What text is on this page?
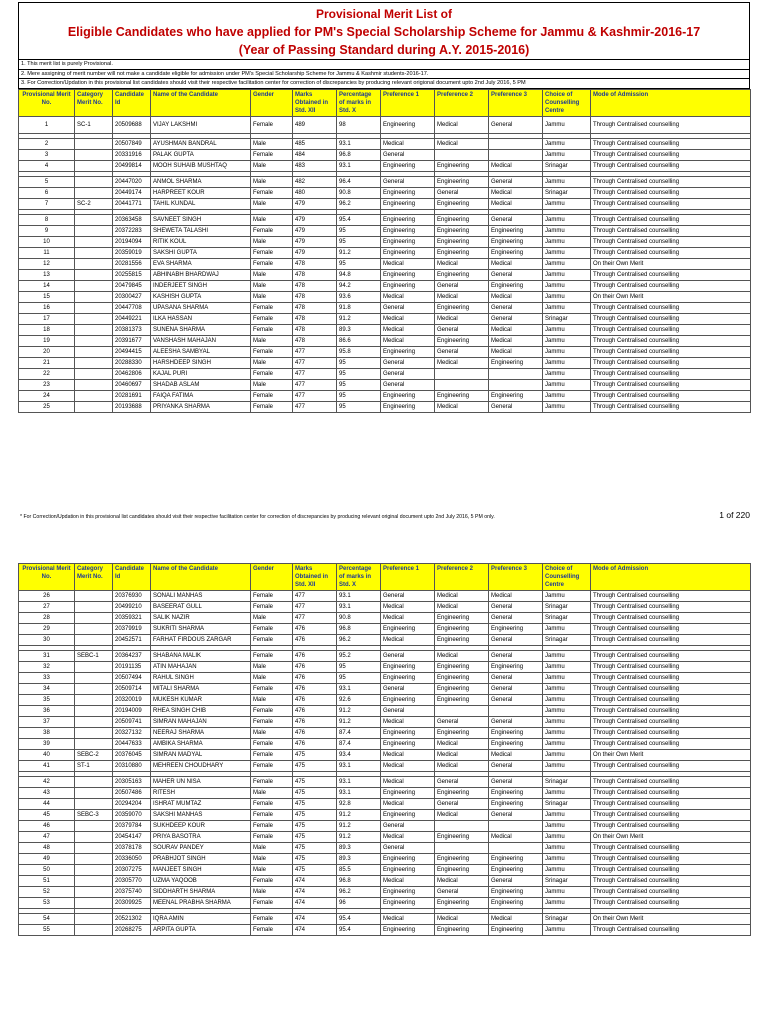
Provisional Merit List of
Eligible Candidates who have applied for PM's Special Scholarship Scheme for Jammu & Kashmir-2016-17
(Year of Passing Standard during A.Y. 2015-2016)
1. This merit list is purely Provisional.
2. Mere assigning of merit number will not make a candidate eligible for admission under PM's Special Scholarship Scheme for Jammu & Kashmir students-2016-17.
3. For Correction/Updation in this provisional list candidates should visit their respective facilitation center for correction of discrepancies by producing relevant origional document upto 2nd July 2016, 5 PM
Provisional Merit No.	Category Merit No.	Candidate Id	Name of the Candidate	Gender	Marks Obtained in Std. XII	Percentage of marks in Std. X	Preference 1	Preference 2	Preference 3	Choice of Counselling Centre	Mode of Admission
1	SC-1	20509688	VIJAY LAKSHMI	Female	489	98	Engineering	Medical	General	Jammu	Through Centralised counselling

2		20507849	AYUSHMAN BANDRAL	Male	485	93.1	Medical	Medical		Jammu	Through Centralised counselling
3		20331916	PALAK GUPTA	Female	484	96.8	General			Jammu	Through Centralised counselling
4		20499814	MOOH SUHAIB MUSHTAQ	Male	483	93.1	Engineering	Engineering	Medical	Srinagar	Through Centralised counselling

5		20447020	ANMOL SHARMA	Male	482	96.4	General	Engineering	General	Jammu	Through Centralised counselling
6		20449174	HARPREET KOUR	Female	480	90.8	Engineering	General	Medical	Srinagar	Through Centralised counselling
7	SC-2	20441771	TAHIL KUNDAL	Male	479	96.2	Engineering	Engineering	Medical	Jammu	Through Centralised counselling

8		20363458	SAVNEET SINGH	Male	479	95.4	Engineering	Engineering	General	Jammu	Through Centralised counselling
9		20372283	SHEWETA TALASHI	Female	479	95	Engineering	Engineering	Engineering	Jammu	Through Centralised counselling
10		20194094	RITIK KOUL	Male	479	95	Engineering	Engineering	Engineering	Jammu	Through Centralised counselling
11		20359019	SAKSHI GUPTA	Female	479	91.2	Engineering	Engineering	Engineering	Jammu	Through Centralised counselling
12		20281556	EVA SHARMA	Female	478	95	Medical	Medical	Medical	Jammu	On their Own Merit
13		20255815	ABHINABH BHARDWAJ	Male	478	94.8	Engineering	Engineering	General	Jammu	Through Centralised counselling
14		20479845	INDERJEET SINGH	Male	478	94.2	Engineering	General	Engineering	Jammu	Through Centralised counselling
15		20300427	KASHISH GUPTA	Male	478	93.6	Medical	Medical	Medical	Jammu	On their Own Merit
16		20447708	UPASANA SHARMA	Female	478	91.8	General	Engineering	General	Jammu	Through Centralised counselling
17		20449221	ILKA HASSAN	Female	478	91.2	Medical	Medical	General	Srinagar	Through Centralised counselling
18		20381373	SUNENA SHARMA	Female	478	89.3	Medical	General	Medical	Jammu	Through Centralised counselling
19		20391677	VANSHASH MAHAJAN	Male	478	86.6	Medical	Engineering	Medical	Jammu	Through Centralised counselling
20		20494415	ALEESHA SAMBYAL	Female	477	95.8	Engineering	General	Medical	Jammu	Through Centralised counselling
21		20288330	HARSHDEEP SINGH	Male	477	95	General	Medical	Engineering	Jammu	Through Centralised counselling
22		20462806	KAJAL PURI	Female	477	95	General			Jammu	Through Centralised counselling
23		20460697	SHADAB ASLAM	Male	477	95	General			Jammu	Through Centralised counselling
24		20281691	FAIQA FATIMA	Female	477	95	Engineering	Engineering	Engineering	Jammu	Through Centralised counselling
25		20193688	PRIYANKA SHARMA	Female	477	95	Engineering	Medical	General	Jammu	Through Centralised counselling
* For Correction/Updation in this provisional list candidates should visit their respective facilitation center for correction of discrepancies by producing relevant original document upto 2nd July 2016, 5 PM only.	1 of 220
Provisional Merit No.	Category Merit No.	Candidate Id	Name of the Candidate	Gender	Marks Obtained in Std. XII	Percentage of marks in Std. X	Preference 1	Preference 2	Preference 3	Choice of Counselling Centre	Mode of Admission
26		20376930	SONALI MANHAS	Female	477	93.1	General	Medical	Medical	Jammu	Through Centralised counselling
27		20499210	BASEERAT GULL	Female	477	93.1	Medical	Medical	General	Srinagar	Through Centralised counselling
28		20359321	SALIK NAZIR	Male	477	90.8	Medical	Engineering	General	Srinagar	Through Centralised counselling
29		20379919	SUKRITI SHARMA	Female	476	96.8	Engineering	Engineering	Engineering	Jammu	Through Centralised counselling
30		20452571	FARHAT FIRDOUS ZARGAR	Female	476	96.2	Medical	Engineering	General	Srinagar	Through Centralised counselling

31	SEBC-1	20364237	SHABANA MALIK	Female	476	95.2	General	Medical	General	Jammu	Through Centralised counselling
32		20191135	ATIN MAHAJAN	Male	476	95	Engineering	Engineering	Engineering	Jammu	Through Centralised counselling
33		20507494	RAHUL SINGH	Male	476	95	Engineering	Engineering	General	Jammu	Through Centralised counselling
34		20509714	MITALI SHARMA	Female	476	93.1	General	Engineering	General	Jammu	Through Centralised counselling
35		20320019	MUKESH KUMAR	Male	476	92.6	Engineering	Engineering	General	Jammu	Through Centralised counselling
36		20194009	RHEA SINGH CHIB	Female	476	91.2	General			Jammu	Through Centralised counselling
37		20509741	SIMRAN MAHAJAN	Female	476	91.2	Medical	General	General	Jammu	Through Centralised counselling
38		20327132	NEERAJ SHARMA	Male	476	87.4	Engineering	Engineering	Engineering	Jammu	Through Centralised counselling
39		20447633	AMBIKA SHARMA	Female	476	87.4	Engineering	Medical	Engineering	Jammu	Through Centralised counselling
40	SEBC-2	20376045	SIMRAN MADYAL	Female	475	93.4	Medical	Medical	Medical	Jammu	On their Own Merit
41	ST-1	20310880	MEHREEN CHOUDHARY	Female	475	93.1	Medical	Medical	General	Jammu	Through Centralised counselling

42		20305163	MAHER UN NISA	Female	475	93.1	Medical	General	General	Srinagar	Through Centralised counselling
43		20507486	RITESH	Male	475	93.1	Engineering	Engineering	Engineering	Jammu	Through Centralised counselling
44		20294204	ISHRAT MUMTAZ	Female	475	92.8	Medical	General	Engineering	Srinagar	Through Centralised counselling
45	SEBC-3	20359070	SAKSHI MANHAS	Female	475	91.2	Engineering	Medical	General	Jammu	Through Centralised counselling
46		20379784	SUKHDEEP KOUR	Female	475	91.2	General			Jammu	Through Centralised counselling
47		20454147	PRIYA BASOTRA	Female	475	91.2	Medical	Engineering	Medical	Jammu	On their Own Merit
48		20378178	SOURAV PANDEY	Male	475	89.3	General			Jammu	Through Centralised counselling
49		20336050	PRABHJOT SINGH	Male	475	89.3	Engineering	Engineering	Engineering	Jammu	Through Centralised counselling
50		20307275	MANJEET SINGH	Male	475	85.5	Engineering	Engineering	Engineering	Jammu	Through Centralised counselling
51		20305770	UZMA YAQOOB	Female	474	96.8	Medical	Medical	General	Srinagar	Through Centralised counselling
52		20375740	SIDDHARTH SHARMA	Male	474	96.2	Engineering	General	Engineering	Jammu	Through Centralised counselling
53		20309925	MEENAL PRABHA SHARMA	Female	474	96	Engineering	Engineering	Engineering	Jammu	Through Centralised counselling

54		20521302	IQRA AMIN	Female	474	95.4	Medical	Medical	Medical	Srinagar	On their Own Merit
55		20268275	ARPITA GUPTA	Female	474	95.4	Engineering	Engineering	Engineering	Jammu	Through Centralised counselling
